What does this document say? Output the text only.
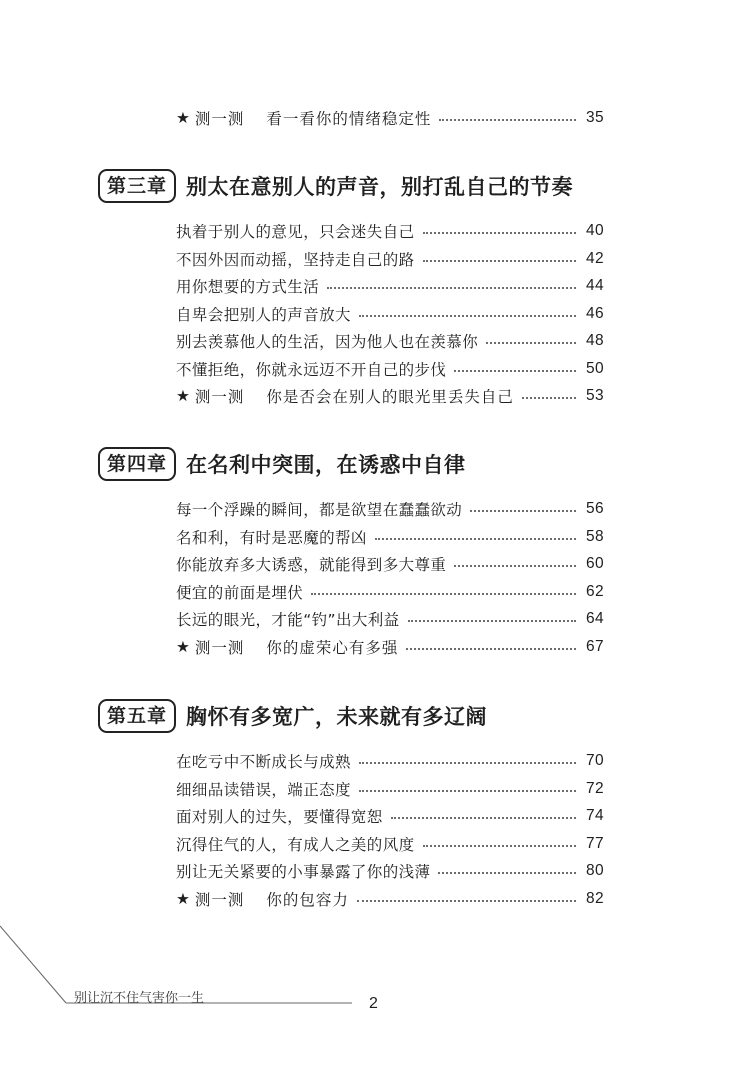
★ 测一测 看一看你的情绪稳定性	35
第三章 别太在意别人的声音，别打乱自己的节奏
执着于别人的意见，只会迷失自己	40
不因外因而动摇，坚持走自己的路	42
用你想要的方式生活	44
自卑会把别人的声音放大	46
别去羡慕他人的生活，因为他人也在羡慕你	48
不懂拒绝，你就永远迈不开自己的步伐	50
★ 测一测 你是否会在别人的眼光里丢失自己	53
第四章 在名利中突围，在诱惑中自律
每一个浮躁的瞬间，都是欲望在蠢蠢欲动	56
名和利，有时是恶魔的帮凶	58
你能放弃多大诱惑，就能得到多大尊重	60
便宜的前面是埋伏	62
长远的眼光，才能“钓”出大利益	64
★ 测一测 你的虚荣心有多强	67
第五章 胸怀有多宽广，未来就有多辽阔
在吃亏中不断成长与成熟	70
细细品读错误，端正态度	72
面对别人的过失，要懂得宽恕	74
沉得住气的人，有成人之美的风度	77
别让无关紧要的小事暴露了你的浅薄	80
★ 测一测 你的包容力	82
别让沉不住气害你一生	2
